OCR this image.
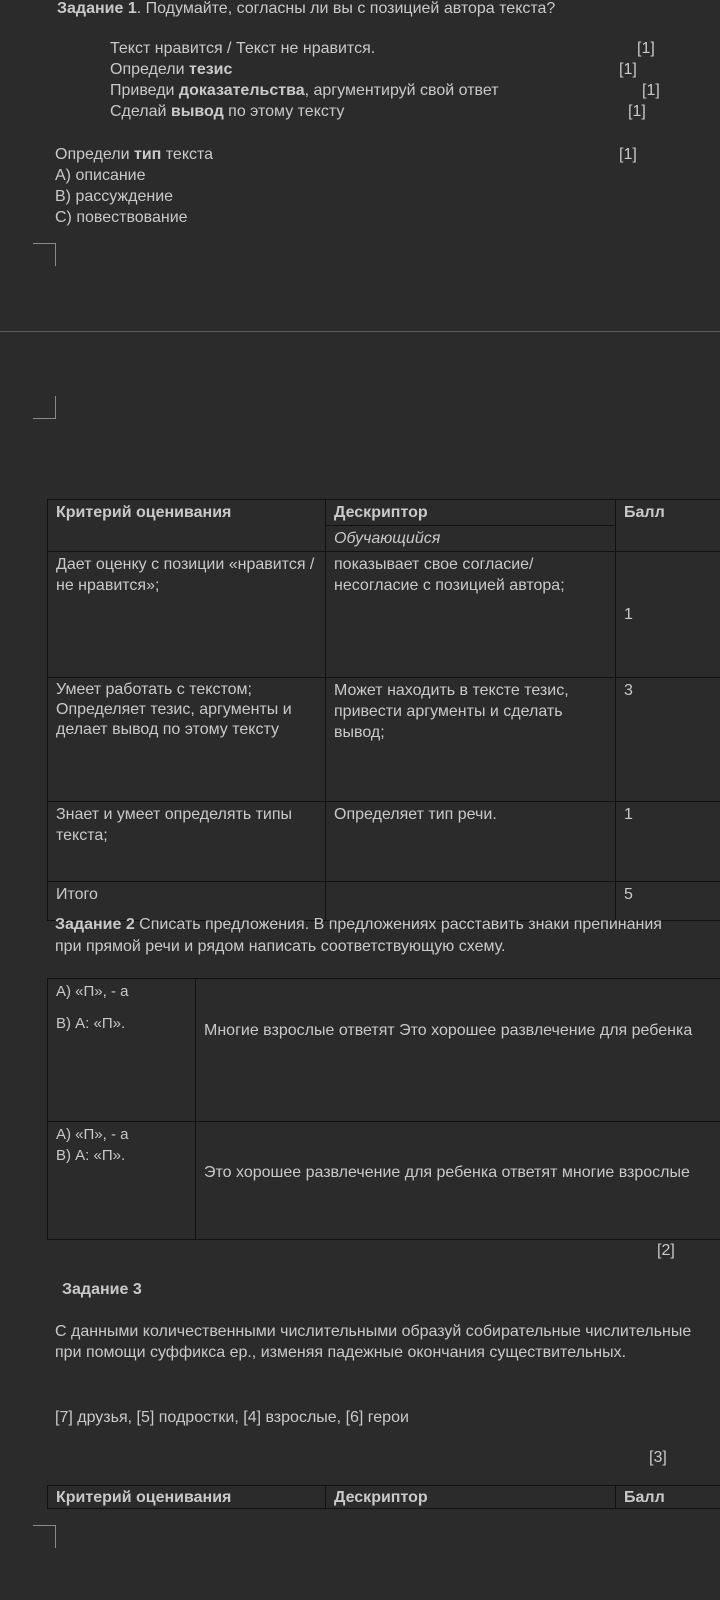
Задание 1. Подумайте, согласны ли вы с позицией автора текста?
Текст нравится / Текст не нравится.	[1]
Определи тезис	[1]
Приведи доказательства, аргументируй свой ответ	[1]
Сделай вывод по этому тексту	[1]
Определи тип текста	[1]
A) описание
B) рассуждение
C) повествование
Критерий оценивания	Дескриптор	Балл
	Обучающийся	
Дает оценку с позиции «нравится /не нравится»;	показывает свое согласие/несогласие с позицией автора;	1
Умеет работать с текстом; Определяет тезис, аргументы и делает вывод по этому тексту	Может находить в тексте тезис, привести аргументы и сделать вывод;	3
Знает и умеет определять типы текста;	Определяет тип речи.	1
Итого		5
Задание 2 Списать предложения. В предложениях расставить знаки препинания
при прямой речи и рядом написать соответствующую схему.
A) «П», - а
B) А: «П».	Многие взрослые ответят Это хорошее развлечение для ребенка

A) «П», - а
B) А: «П».	Это хорошее развлечение для ребенка ответят многие взрослые
[2]
Задание 3
С данными количественными числительными образуй собирательные числительные при помощи суффикса ер., изменяя падежные окончания существительных.
[7] друзья, [5] подростки, [4] взрослые, [6] герои
[3]
Критерий оценивания	Дескриптор	Балл
